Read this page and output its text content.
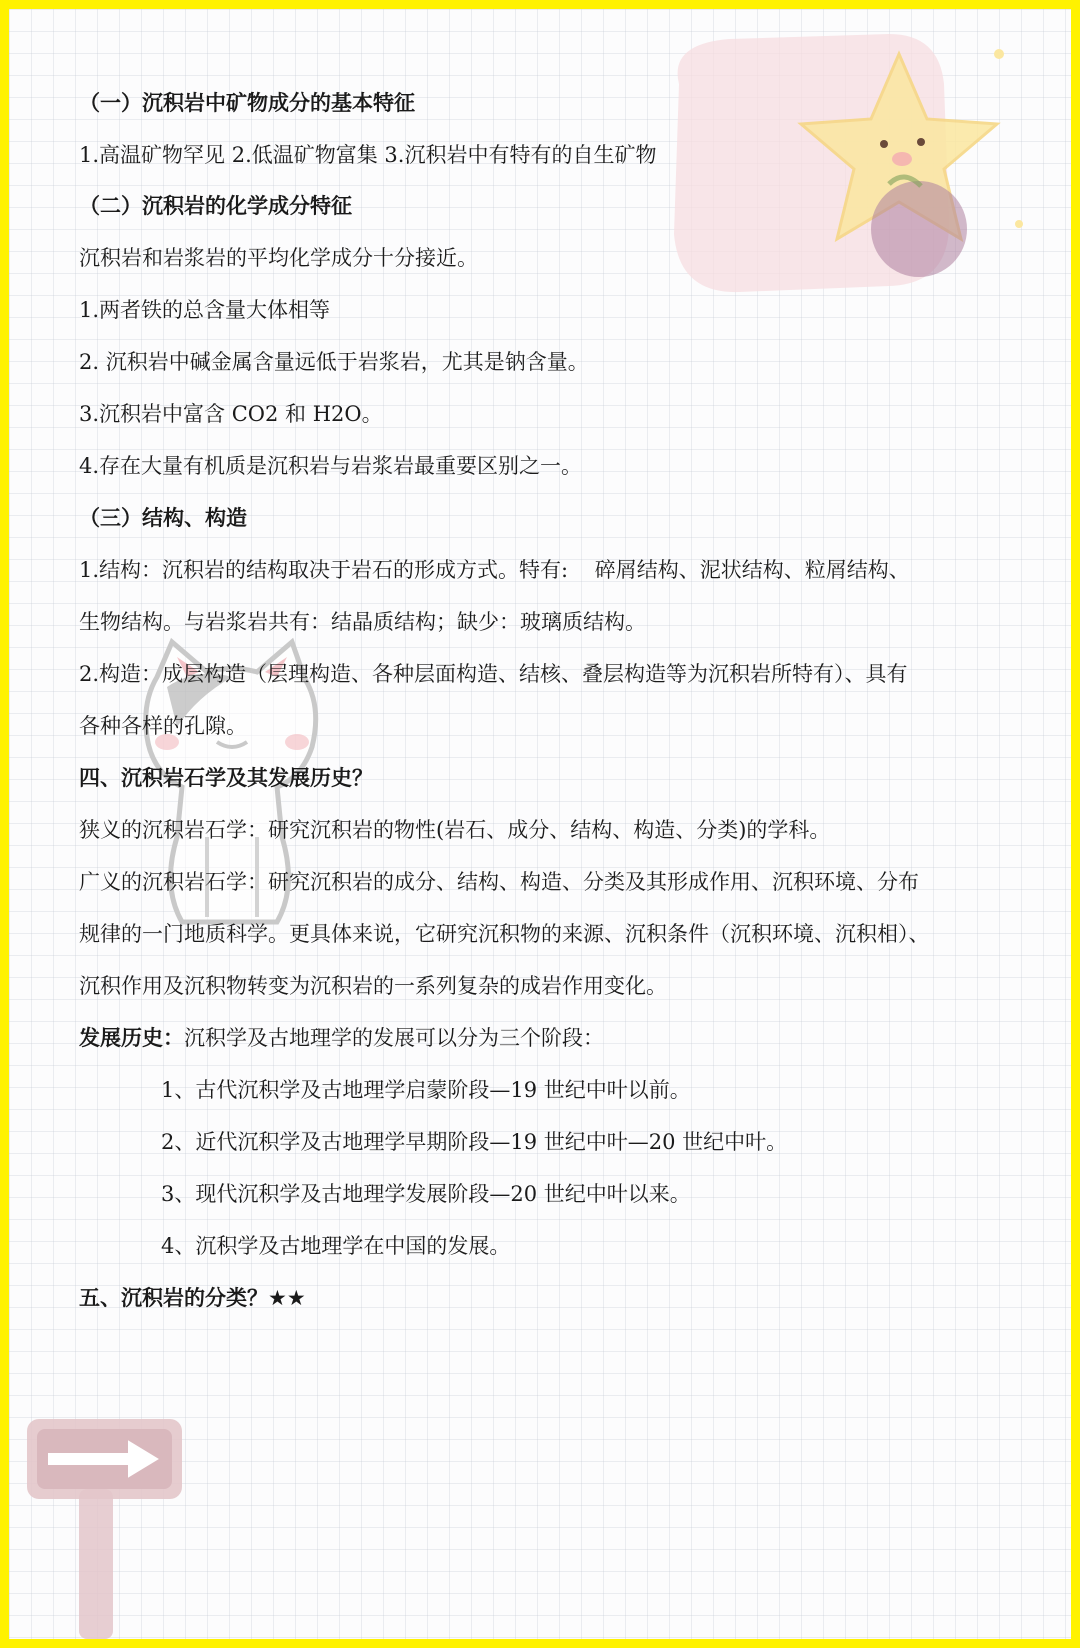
（一）沉积岩中矿物成分的基本特征
1.高温矿物罕见 2.低温矿物富集 3.沉积岩中有特有的自生矿物
（二）沉积岩的化学成分特征
沉积岩和岩浆岩的平均化学成分十分接近。
1.两者铁的总含量大体相等
2. 沉积岩中碱金属含量远低于岩浆岩，尤其是钠含量。
3.沉积岩中富含 CO2 和 H2O。
4.存在大量有机质是沉积岩与岩浆岩最重要区别之一。
（三）结构、构造
1.结构：沉积岩的结构取决于岩石的形成方式。特有:    碎屑结构、泥状结构、粒屑结构、
生物结构。与岩浆岩共有：结晶质结构；缺少：玻璃质结构。
2.构造：成层构造（层理构造、各种层面构造、结核、叠层构造等为沉积岩所特有）、具有
各种各样的孔隙。
四、沉积岩石学及其发展历史？
狭义的沉积岩石学：研究沉积岩的物性(岩石、成分、结构、构造、分类)的学科。
广义的沉积岩石学：研究沉积岩的成分、结构、构造、分类及其形成作用、沉积环境、分布
规律的一门地质科学。更具体来说，它研究沉积物的来源、沉积条件（沉积环境、沉积相）、
沉积作用及沉积物转变为沉积岩的一系列复杂的成岩作用变化。
发展历史：沉积学及古地理学的发展可以分为三个阶段：
1、古代沉积学及古地理学启蒙阶段—19 世纪中叶以前。
2、近代沉积学及古地理学早期阶段—19 世纪中叶—20 世纪中叶。
3、现代沉积学及古地理学发展阶段—20 世纪中叶以来。
4、沉积学及古地理学在中国的发展。
五、沉积岩的分类？★★
